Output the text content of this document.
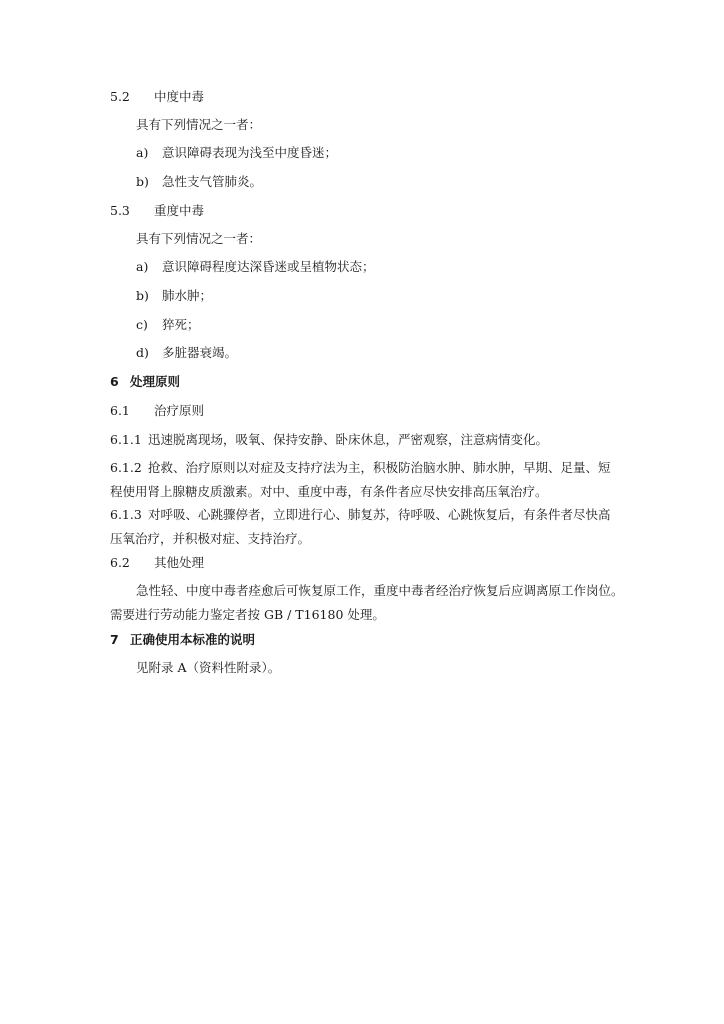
5.2 中度中毒
具有下列情况之一者：
a) 意识障碍表现为浅至中度昏迷；
b) 急性支气管肺炎。
5.3 重度中毒
具有下列情况之一者：
a) 意识障碍程度达深昏迷或呈植物状态；
b) 肺水肿；
c) 猝死；
d) 多脏器衰竭。
6 处理原则
6.1 治疗原则
6.1.1 迅速脱离现场，吸氧、保持安静、卧床休息，严密观察，注意病情变化。
6.1.2 抢救、治疗原则以对症及支持疗法为主，积极防治脑水肿、肺水肿，早期、足量、短
程使用肾上腺糖皮质激素。对中、重度中毒，有条件者应尽快安排高压氧治疗。
6.1.3 对呼吸、心跳骤停者，立即进行心、肺复苏，待呼吸、心跳恢复后，有条件者尽快高
压氧治疗，并积极对症、支持治疗。
6.2 其他处理
急性轻、中度中毒者痊愈后可恢复原工作，重度中毒者经治疗恢复后应调离原工作岗位。
需要进行劳动能力鉴定者按 GB / T16180 处理。
7 正确使用本标准的说明
见附录 A（资料性附录）。
